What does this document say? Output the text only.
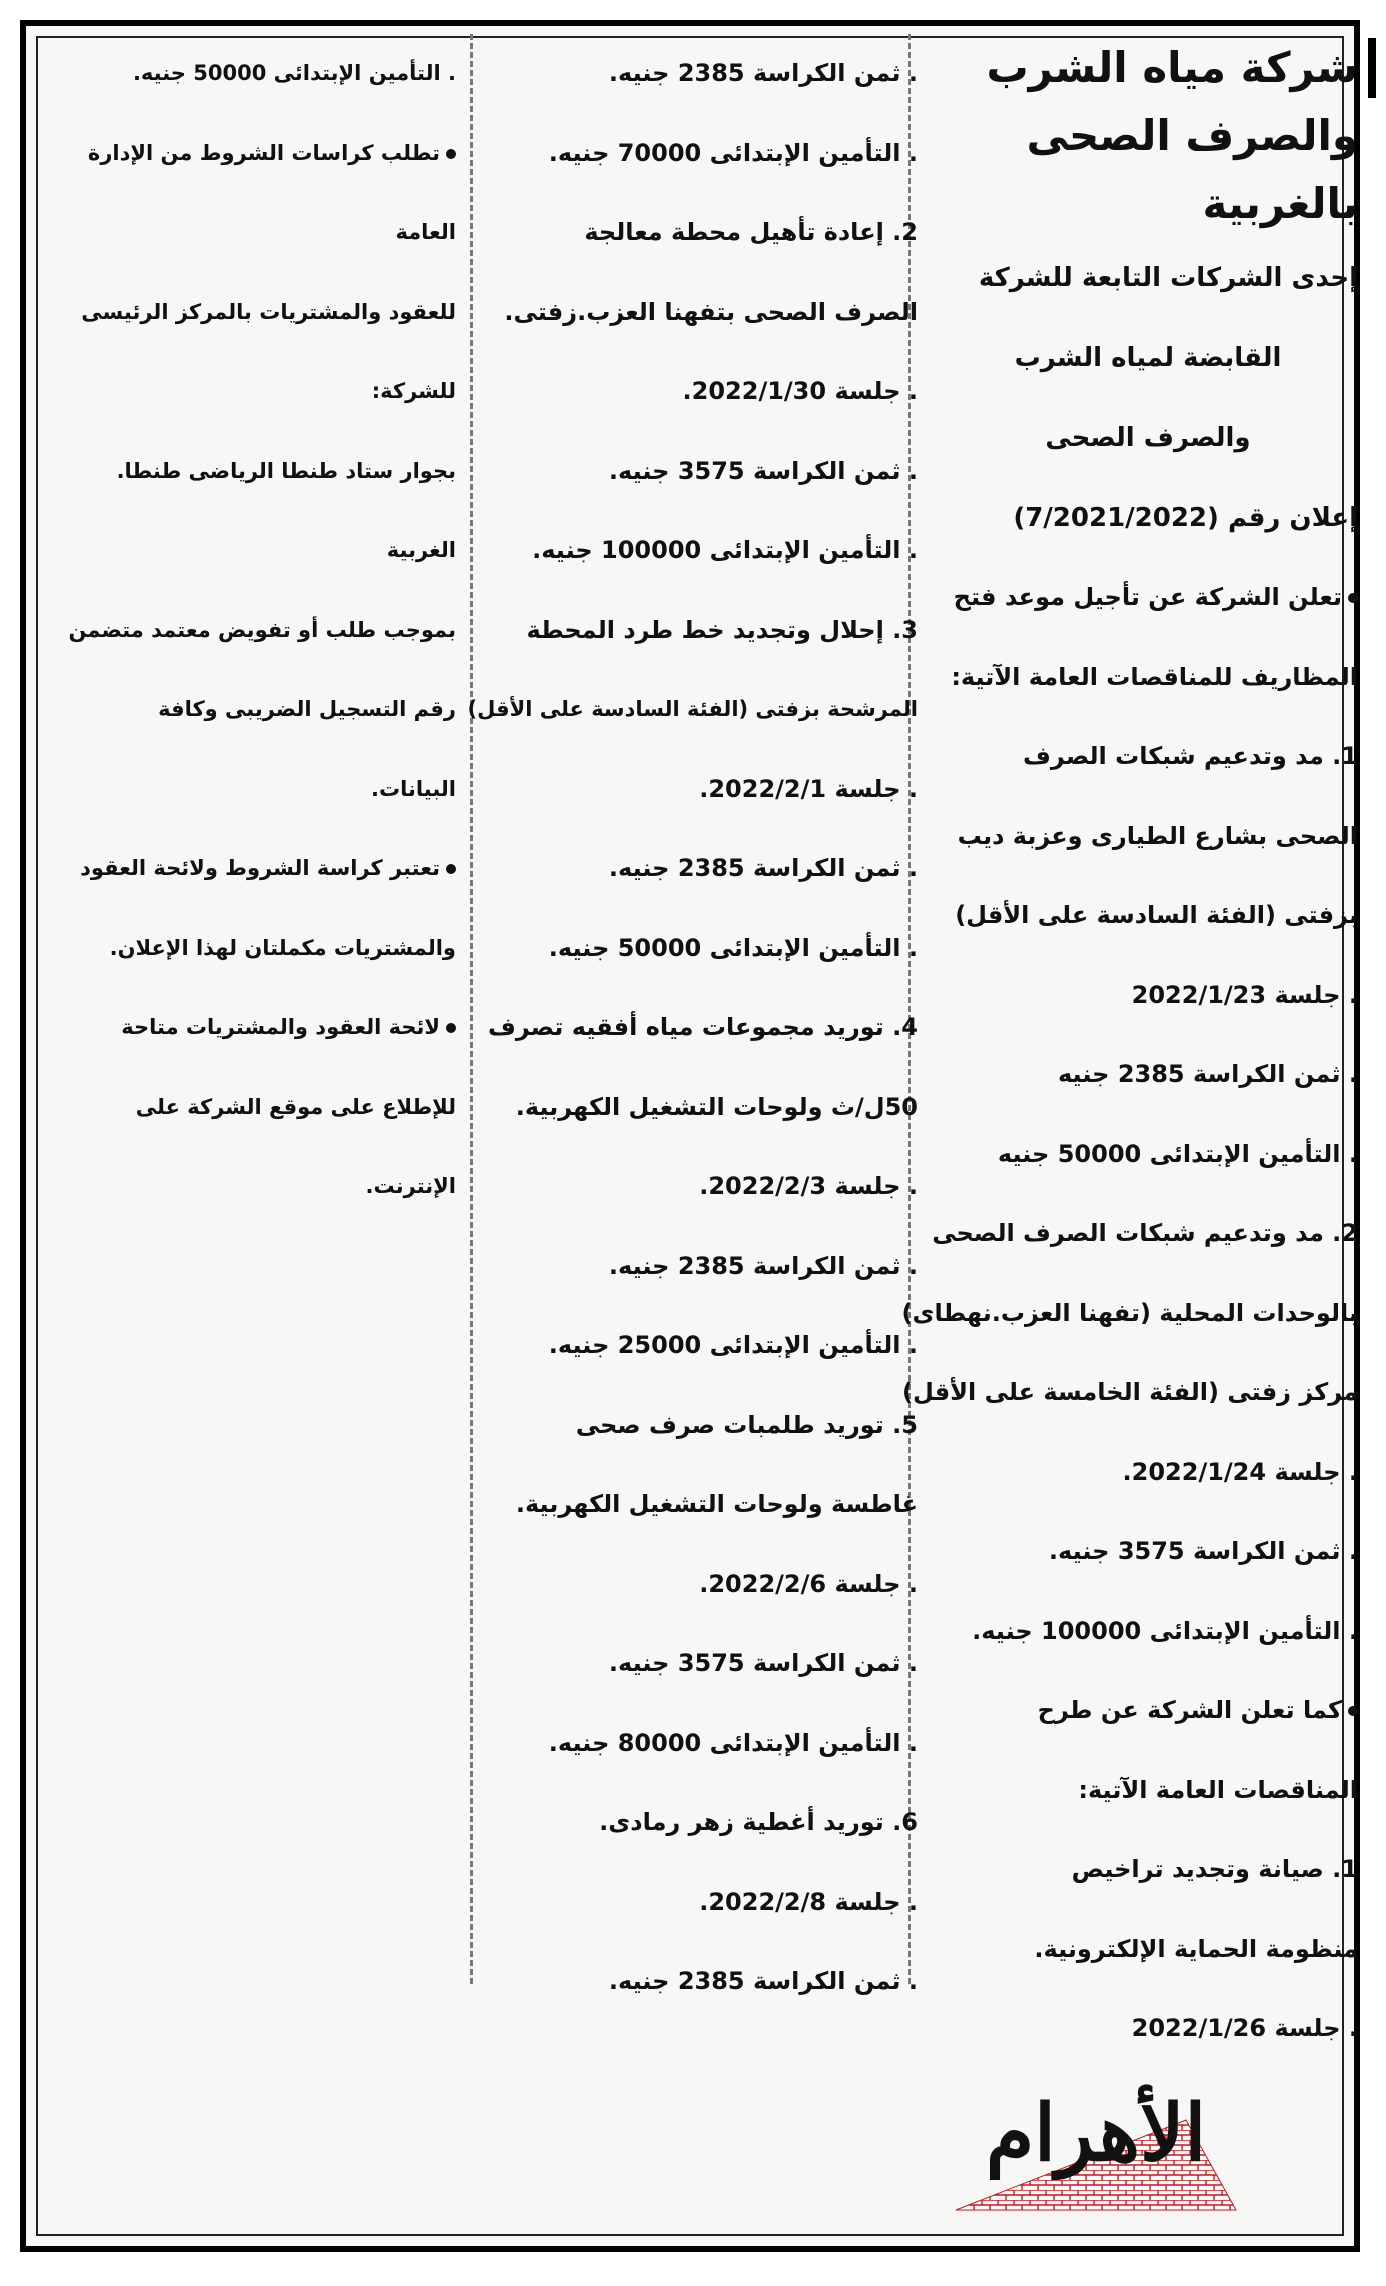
شركة مياه الشرب
والصرف الصحى بالغربية
إحدى الشركات التابعة للشركة
القابضة لمياه الشرب
والصرف الصحى
إعلان رقم (7/2021/2022)
تعلن الشركة عن تأجيل موعد فتح
المظاريف للمناقصات العامة الآتية:
1. مد وتدعيم شبكات الصرف
الصحى بشارع الطيارى وعزبة ديب
بزفتى (الفئة السادسة على الأقل)
. جلسة 2022/1/23
. ثمن الكراسة 2385 جنيه
. التأمين الإبتدائى 50000 جنيه
2. مد وتدعيم شبكات الصرف الصحى
بالوحدات المحلية (تفهنا العزب.نهطاى)
مركز زفتى (الفئة الخامسة على الأقل)
. جلسة 2022/1/24.
. ثمن الكراسة 3575 جنيه.
. التأمين الإبتدائى 100000 جنيه.
كما تعلن الشركة عن طرح
المناقصات العامة الآتية:
1. صيانة وتجديد تراخيص
منظومة الحماية الإلكترونية.
. جلسة 2022/1/26
. ثمن الكراسة 2385 جنيه.
. التأمين الإبتدائى 70000 جنيه.
2. إعادة تأهيل محطة معالجة
الصرف الصحى بتفهنا العزب.زفتى.
. جلسة 2022/1/30.
. ثمن الكراسة 3575 جنيه.
. التأمين الإبتدائى 100000 جنيه.
3. إحلال وتجديد خط طرد المحطة
المرشحة بزفتى (الفئة السادسة على الأقل)
. جلسة 2022/2/1.
. ثمن الكراسة 2385 جنيه.
. التأمين الإبتدائى 50000 جنيه.
4. توريد مجموعات مياه أفقيه تصرف
50ل/ث ولوحات التشغيل الكهربية.
. جلسة 2022/2/3.
. ثمن الكراسة 2385 جنيه.
. التأمين الإبتدائى 25000 جنيه.
5. توريد طلمبات صرف صحى
غاطسة ولوحات التشغيل الكهربية.
. جلسة 2022/2/6.
. ثمن الكراسة 3575 جنيه.
. التأمين الإبتدائى 80000 جنيه.
6. توريد أغطية زهر رمادى.
. جلسة 2022/2/8.
. ثمن الكراسة 2385 جنيه.
. التأمين الإبتدائى 50000 جنيه.
تطلب كراسات الشروط من الإدارة العامة
للعقود والمشتريات بالمركز الرئيسى للشركة:
بجوار ستاد طنطا الرياضى طنطا. الغربية
بموجب طلب أو تفويض معتمد متضمن
رقم التسجيل الضريبى وكافة البيانات.
تعتبر كراسة الشروط ولائحة العقود
والمشتريات مكملتان لهذا الإعلان.
لائحة العقود والمشتريات متاحة
للإطلاع على موقع الشركة على الإنترنت.
الأهرام
